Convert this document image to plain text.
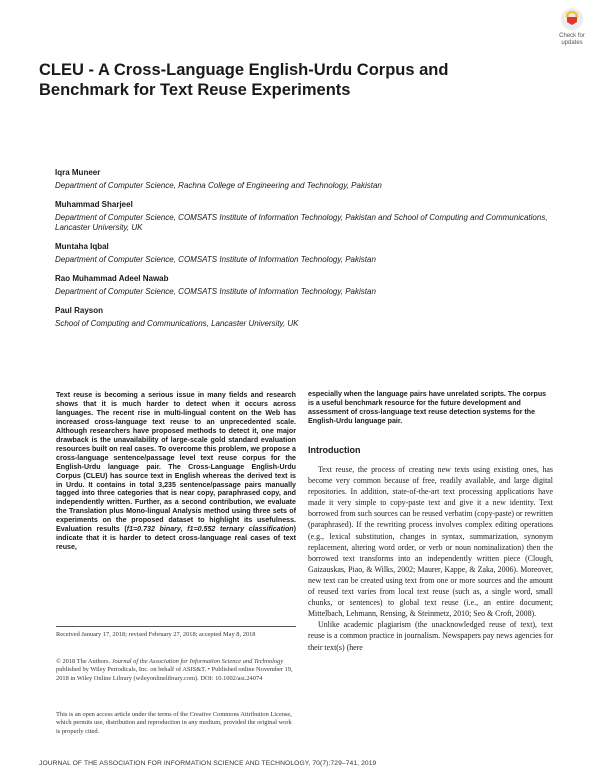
Check for updates
CLEU - A Cross-Language English-Urdu Corpus and Benchmark for Text Reuse Experiments
Iqra Muneer
Department of Computer Science, Rachna College of Engineering and Technology, Pakistan
Muhammad Sharjeel
Department of Computer Science, COMSATS Institute of Information Technology, Pakistan and School of Computing and Communications, Lancaster University, UK
Muntaha Iqbal
Department of Computer Science, COMSATS Institute of Information Technology, Pakistan
Rao Muhammad Adeel Nawab
Department of Computer Science, COMSATS Institute of Information Technology, Pakistan
Paul Rayson
School of Computing and Communications, Lancaster University, UK

Text reuse is becoming a serious issue in many fields and research shows that it is much harder to detect when it occurs across languages. The recent rise in multi-lingual content on the Web has increased cross-language text reuse to an unprecedented scale. Although researchers have proposed methods to detect it, one major drawback is the unavailability of large-scale gold standard evaluation resources built on real cases. To overcome this problem, we propose a cross-language sentence/passage level text reuse corpus for the English-Urdu language pair. The Cross-Language English-Urdu Corpus (CLEU) has source text in English whereas the derived text is in Urdu. It contains in total 3,235 sentence/passage pairs manually tagged into three categories that is near copy, paraphrased copy, and independently written. Further, as a second contribution, we evaluate the Translation plus Mono-lingual Analysis method using three sets of experiments on the proposed dataset to highlight its usefulness. Evaluation results (f1=0.732 binary, f1=0.552 ternary classification) indicate that it is harder to detect cross-language real cases of text reuse,

especially when the language pairs have unrelated scripts. The corpus is a useful benchmark resource for the future development and assessment of cross-language text reuse detection systems for the English-Urdu language pair.

Introduction

Text reuse, the process of creating new texts using existing ones, has become very common because of free, readily available, and large digital repositories. In addition, state-of-the-art text processing applications have made it very simple to copy-paste text and give it a new identity. Text borrowed from such sources can be reused verbatim (copy-paste) or rewritten (paraphrased). If the rewriting process involves complex editing operations (e.g., lexical substitution, changes in syntax, summarization, synonym replacement, altering word order, or verb or noun nominalization) then the borrowed text transforms into an independently written piece (Clough, Gaizauskas, Piao, & Wilks, 2002; Maurer, Kappe, & Zaka, 2006). Moreover, new text can be created using text from one or more sources and the amount of reused text varies from local text reuse (such as, a single word, small chunks, or sentences) to global text reuse (i.e., an entire document; Mittelbach, Lehmann, Rensing, & Steinmetz, 2010; Seo & Croft, 2008).

Unlike academic plagiarism (the unacknowledged reuse of text), text reuse is a common practice in journalism. Newspapers pay news agencies for their text(s) (here

Received January 17, 2018; revised February 27, 2018; accepted May 8, 2018

© 2018 The Authors. Journal of the Association for Information Science and Technology published by Wiley Periodicals, Inc. on behalf of ASIS&T. • Published online November 19, 2018 in Wiley Online Library (wileyonlinelibrary.com). DOI: 10.1002/asi.24074

This is an open access article under the terms of the Creative Commons Attribution License, which permits use, distribution and reproduction in any medium, provided the original work is properly cited.

JOURNAL OF THE ASSOCIATION FOR INFORMATION SCIENCE AND TECHNOLOGY, 70(7):729–741, 2019
